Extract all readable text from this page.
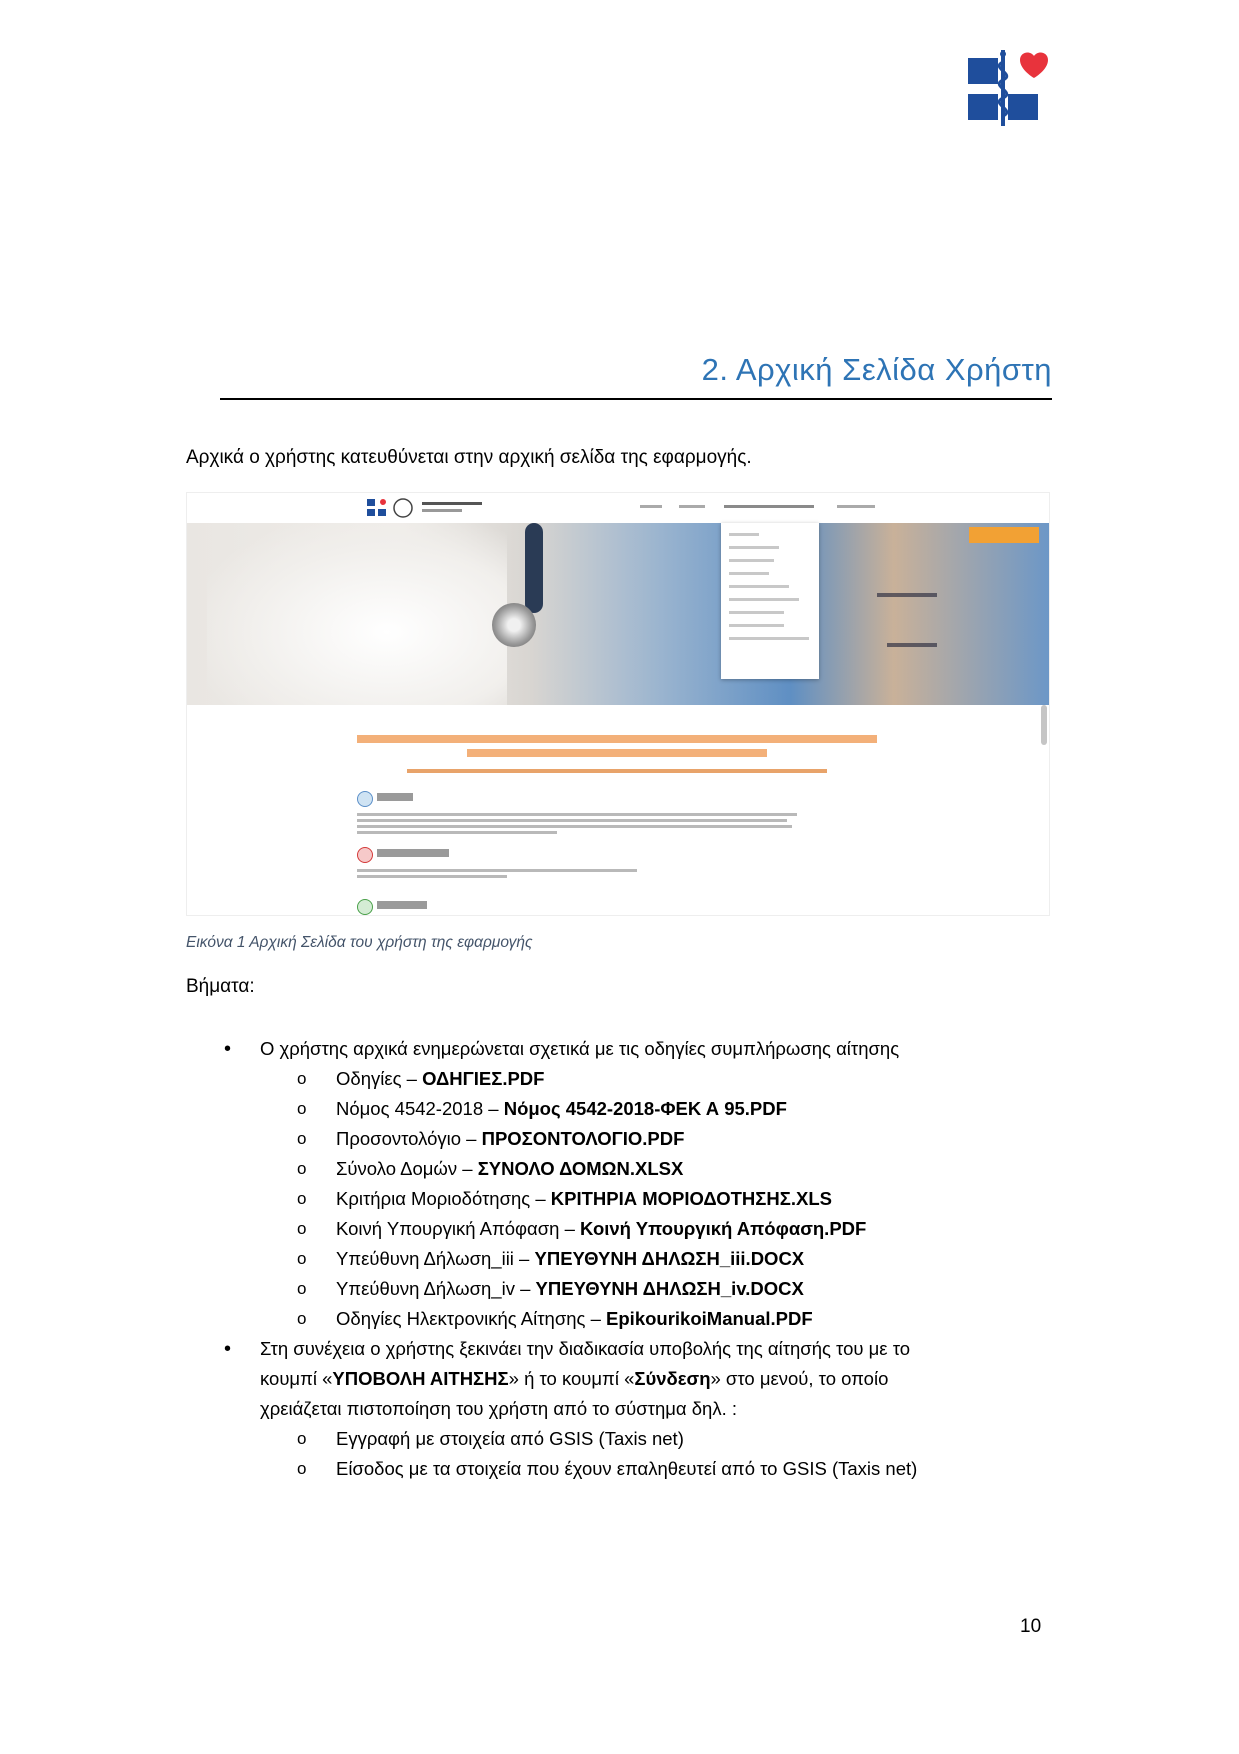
2. Αρχική Σελίδα Χρήστη
Αρχικά ο χρήστης κατευθύνεται στην αρχική σελίδα της εφαρμογής.
Εικόνα 1 Αρχική Σελίδα του χρήστη της εφαρμογής
Βήματα:
• Ο χρήστης αρχικά ενημερώνεται σχετικά με τις οδηγίες συμπλήρωσης αίτησης
o Οδηγίες – ΟΔΗΓΙΕΣ.PDF
o Νόμος 4542-2018 – Νόμος 4542-2018-ΦΕΚ Α 95.PDF
o Προσοντολόγιο – ΠΡΟΣΟΝΤΟΛΟΓΙΟ.PDF
o Σύνολο Δομών – ΣΥΝΟΛΟ ΔΟΜΩΝ.XLSX
o Κριτήρια Μοριοδότησης – ΚΡΙΤΗΡΙΑ ΜΟΡΙΟΔΟΤΗΣΗΣ.XLS
o Κοινή Υπουργική Απόφαση – Κοινή Υπουργική Απόφαση.PDF
o Υπεύθυνη Δήλωση_iii – ΥΠΕΥΘΥΝΗ ΔΗΛΩΣΗ_iii.DOCX
o Υπεύθυνη Δήλωση_iv – ΥΠΕΥΘΥΝΗ ΔΗΛΩΣΗ_iv.DOCX
o Οδηγίες Ηλεκτρονικής Αίτησης – EpikourikoiManual.PDF
• Στη συνέχεια ο χρήστης ξεκινάει την διαδικασία υποβολής της αίτησής του με το
κουμπί «ΥΠΟΒΟΛΗ ΑΙΤΗΣΗΣ» ή το κουμπί «Σύνδεση» στο μενού, το οποίο
χρειάζεται πιστοποίηση του χρήστη από το σύστημα δηλ. :
o Εγγραφή με στοιχεία από GSIS (Taxis net)
o Είσοδος με τα στοιχεία που έχουν επαληθευτεί από το GSIS (Taxis net)
10
